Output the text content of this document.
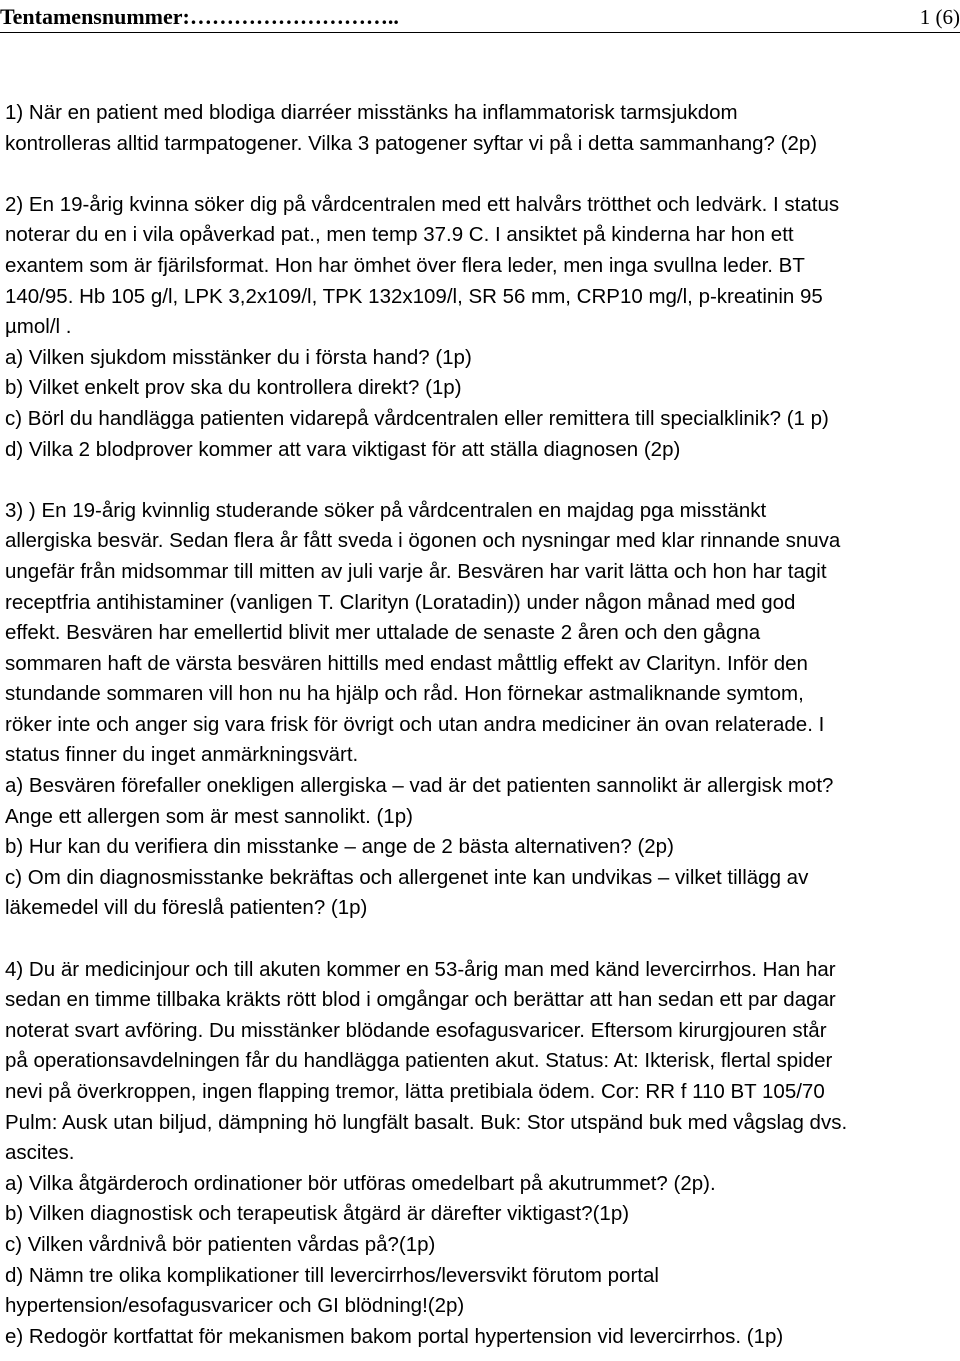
Tentamensnummer:………………………..	1 (6)
1) När en patient med blodiga diarréer misstänks ha inflammatorisk tarmsjukdom
kontrolleras alltid tarmpatogener. Vilka 3 patogener syftar vi på i detta sammanhang? (2p)
2) En 19-årig kvinna söker dig på vårdcentralen med ett halvårs trötthet och ledvärk. I status
noterar du en i vila opåverkad pat., men temp 37.9 C. I ansiktet på kinderna har hon ett
exantem som är fjärilsformat. Hon har ömhet över flera leder, men inga svullna leder. BT
140/95. Hb 105 g/l, LPK 3,2x109/l, TPK 132x109/l, SR 56 mm, CRP10 mg/l, p-kreatinin 95
µmol/l .
a) Vilken sjukdom misstänker du i första hand? (1p)
b) Vilket enkelt prov ska du kontrollera direkt? (1p)
c) Börl du handlägga patienten vidarepå vårdcentralen eller remittera till specialklinik? (1 p)
d) Vilka 2 blodprover kommer att vara viktigast för att ställa diagnosen (2p)
3) ) En 19-årig kvinnlig studerande söker på vårdcentralen en majdag pga misstänkt
allergiska besvär. Sedan flera år fått sveda i ögonen och nysningar med klar rinnande snuva
ungefär från midsommar till mitten av juli varje år. Besvären har varit lätta och hon har tagit
receptfria antihistaminer (vanligen T. Clarityn (Loratadin)) under någon månad med god
effekt. Besvären har emellertid blivit mer uttalade de senaste 2 åren och den gågna
sommaren haft de värsta besvären hittills med endast måttlig effekt av Clarityn. Inför den
stundande sommaren vill hon nu ha hjälp och råd. Hon förnekar astmaliknande symtom,
röker inte och anger sig vara frisk för övrigt och utan andra mediciner än ovan relaterade. I
status finner du inget anmärkningsvärt.
a) Besvären förefaller onekligen allergiska – vad är det patienten sannolikt är allergisk mot?
Ange ett allergen som är mest sannolikt. (1p)
b) Hur kan du verifiera din misstanke – ange de 2 bästa alternativen? (2p)
c) Om din diagnosmisstanke bekräftas och allergenet inte kan undvikas – vilket tillägg av
läkemedel vill du föreslå patienten? (1p)
4) Du är medicinjour och till akuten kommer en 53-årig man med känd levercirrhos. Han har
sedan en timme tillbaka kräkts rött blod i omgångar och berättar att han sedan ett par dagar
noterat svart avföring. Du misstänker blödande esofagusvaricer. Eftersom kirurgjouren står
på operationsavdelningen får du handlägga patienten akut. Status: At: Ikterisk, flertal spider
nevi på överkroppen, ingen flapping tremor, lätta pretibiala ödem. Cor: RR f 110 BT 105/70
Pulm: Ausk utan biljud, dämpning hö lungfält basalt. Buk: Stor utspänd buk med vågslag dvs.
ascites.
a) Vilka åtgärderoch ordinationer bör utföras omedelbart på akutrummet? (2p).
b) Vilken diagnostisk och terapeutisk åtgärd är därefter viktigast?(1p)
c) Vilken vårdnivå bör patienten vårdas på?(1p)
d) Nämn tre olika komplikationer till levercirrhos/leversvikt förutom portal
hypertension/esofagusvaricer och GI blödning!(2p)
e) Redogör kortfattat för mekanismen bakom portal hypertension vid levercirrhos. (1p)
